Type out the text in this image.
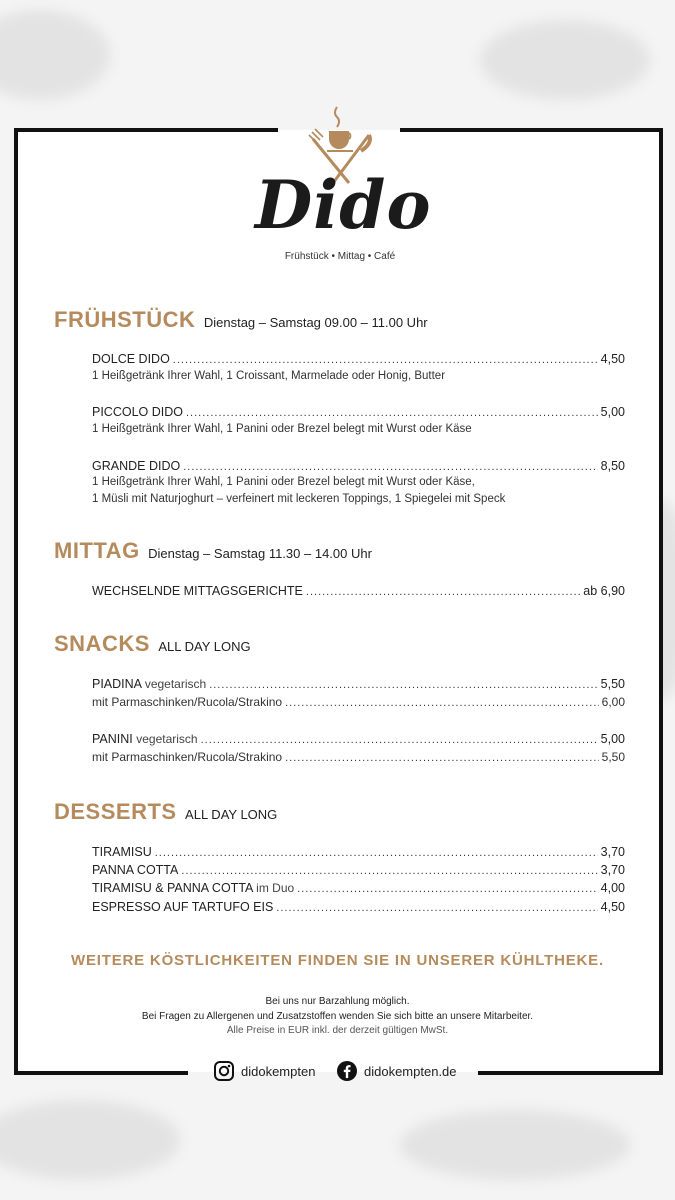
Dido
Frühstück • Mittag • Café
FRÜHSTÜCK Dienstag – Samstag 09.00 – 11.00 Uhr
DOLCE DIDO .....	4,50
1 Heißgetränk Ihrer Wahl, 1 Croissant, Marmelade oder Honig, Butter
PICCOLO DIDO .....	5,00
1 Heißgetränk Ihrer Wahl, 1 Panini oder Brezel belegt mit Wurst oder Käse
GRANDE DIDO .....	8,50
1 Heißgetränk Ihrer Wahl, 1 Panini oder Brezel belegt mit Wurst oder Käse,
1 Müsli mit Naturjoghurt – verfeinert mit leckeren Toppings, 1 Spiegelei mit Speck
MITTAG Dienstag – Samstag 11.30 – 14.00 Uhr
WECHSELNDE MITTAGSGERICHTE .....	ab 6,90
SNACKS ALL DAY LONG
PIADINA vegetarisch .....	5,50
mit Parmaschinken/Rucola/Strakino .....	6,00
PANINI vegetarisch .....	5,00
mit Parmaschinken/Rucola/Strakino .....	5,50
DESSERTS ALL DAY LONG
TIRAMISU .....	3,70
PANNA COTTA .....	3,70
TIRAMISU & PANNA COTTA im Duo .....	4,00
ESPRESSO AUF TARTUFO EIS .....	4,50
WEITERE KÖSTLICHKEITEN FINDEN SIE IN UNSERER KÜHLTHEKE.
Bei uns nur Barzahlung möglich.
Bei Fragen zu Allergenen und Zusatzstoffen wenden Sie sich bitte an unsere Mitarbeiter.
Alle Preise in EUR inkl. der derzeit gültigen MwSt.
didokempten	didokempten.de
